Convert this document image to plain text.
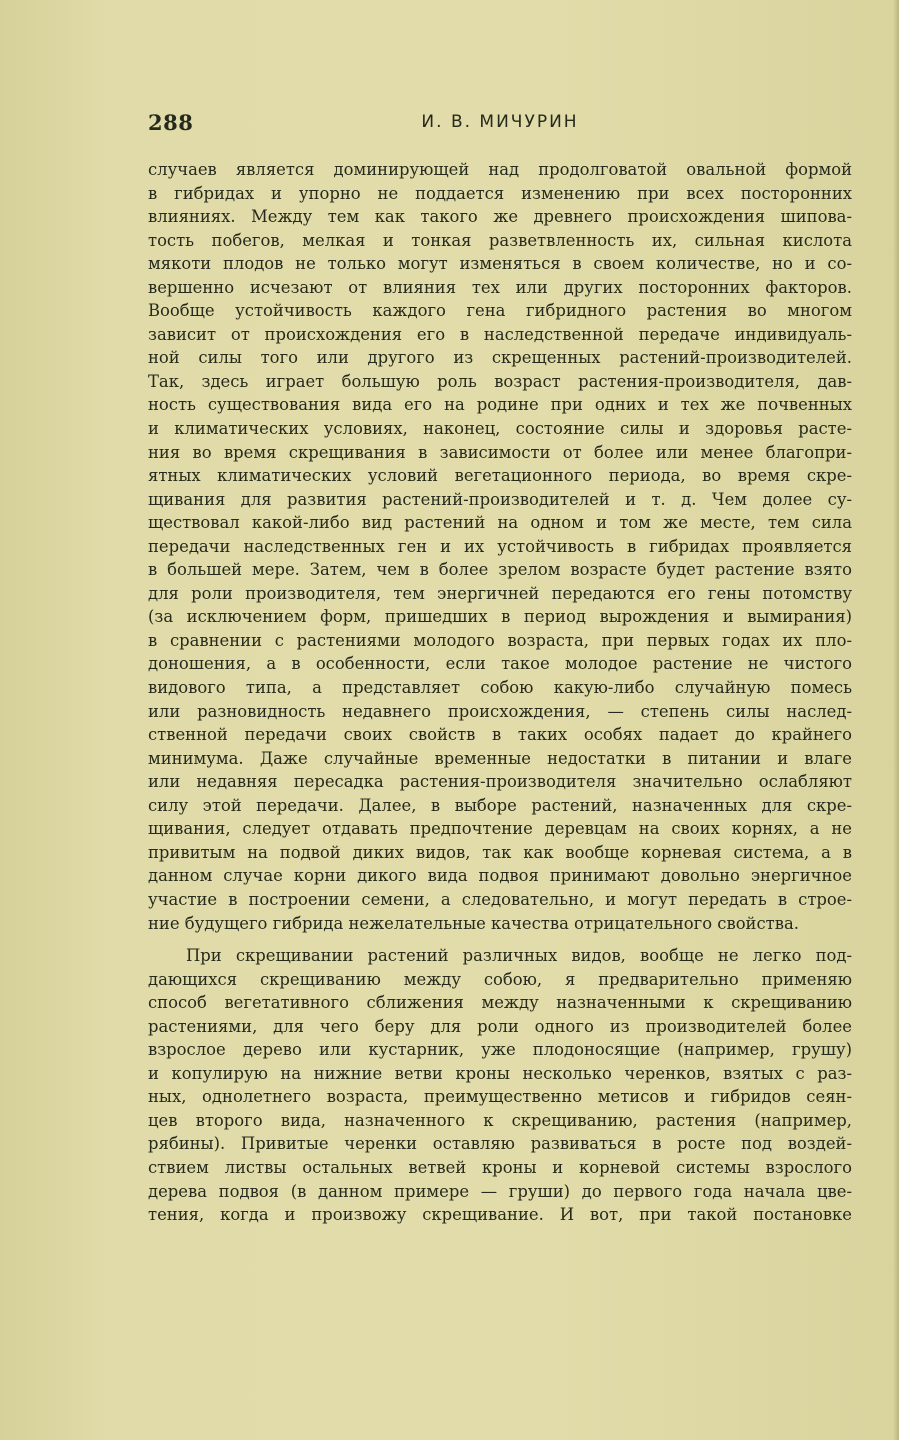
288	И. В. МИЧУРИН
случаев является доминирующей над продолговатой овальной формой
в гибридах и упорно не поддается изменению при всех посторонних
влияниях. Между тем как такого же древнего происхождения шипова-
тость побегов, мелкая и тонкая разветвленность их, сильная кислота
мякоти плодов не только могут изменяться в своем количестве, но и со-
вершенно исчезают от влияния тех или других посторонних факторов.
Вообще устойчивость каждого гена гибридного растения во многом
зависит от происхождения его в наследственной передаче индивидуаль-
ной силы того или другого из скрещенных растений-производителей.
Так, здесь играет большую роль возраст растения-производителя, дав-
ность существования вида его на родине при одних и тех же почвенных
и климатических условиях, наконец, состояние силы и здоровья расте-
ния во время скрещивания в зависимости от более или менее благопри-
ятных климатических условий вегетационного периода, во время скре-
щивания для развития растений-производителей и т. д. Чем долее су-
ществовал какой-либо вид растений на одном и том же месте, тем сила
передачи наследственных ген и их устойчивость в гибридах проявляется
в большей мере. Затем, чем в более зрелом возрасте будет растение взято
для роли производителя, тем энергичней передаются его гены потомству
(за исключением форм, пришедших в период вырождения и вымирания)
в сравнении с растениями молодого возраста, при первых годах их пло-
доношения, а в особенности, если такое молодое растение не чистого
видового типа, а представляет собою какую-либо случайную помесь
или разновидность недавнего происхождения, — степень силы наслед-
ственной передачи своих свойств в таких особях падает до крайнего
минимума. Даже случайные временные недостатки в питании и влаге
или недавняя пересадка растения-производителя значительно ослабляют
силу этой передачи. Далее, в выборе растений, назначенных для скре-
щивания, следует отдавать предпочтение деревцам на своих корнях, а не
привитым на подвой диких видов, так как вообще корневая система, а в
данном случае корни дикого вида подвоя принимают довольно энергичное
участие в построении семени, а следовательно, и могут передать в строе-
ние будущего гибрида нежелательные качества отрицательного свойства.
При скрещивании растений различных видов, вообще не легко под-
дающихся скрещиванию между собою, я предварительно применяю
способ вегетативного сближения между назначенными к скрещиванию
растениями, для чего беру для роли одного из производителей более
взрослое дерево или кустарник, уже плодоносящие (например, грушу)
и копулирую на нижние ветви кроны несколько черенков, взятых с раз-
ных, однолетнего возраста, преимущественно метисов и гибридов сеян-
цев второго вида, назначенного к скрещиванию, растения (например,
рябины). Привитые черенки оставляю развиваться в росте под воздей-
ствием листвы остальных ветвей кроны и корневой системы взрослого
дерева подвоя (в данном примере — груши) до первого года начала цве-
тения, когда и произвожу скрещивание. И вот, при такой постановке
